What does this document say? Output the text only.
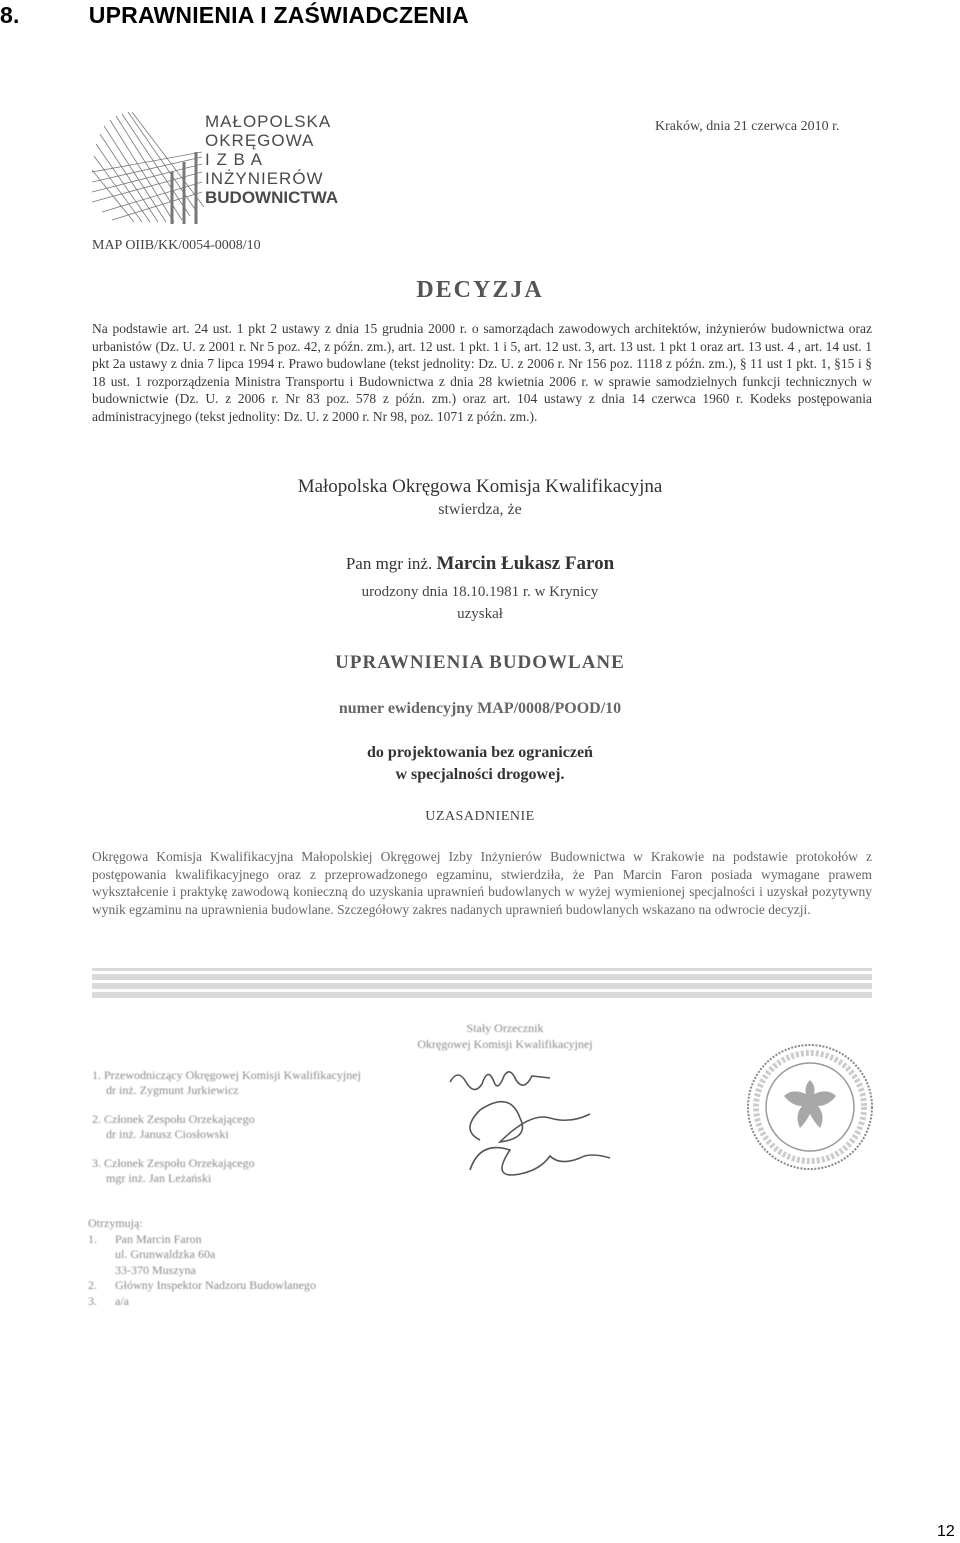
8.	UPRAWNIENIA I ZAŚWIADCZENIA
MAŁOPOLSKA
OKRĘGOWA
I Z B A
INŻYNIERÓW
BUDOWNICTWA
Kraków, dnia 21 czerwca 2010 r.
MAP OIIB/KK/0054-0008/10
DECYZJA
Na podstawie art. 24 ust. 1 pkt 2 ustawy z dnia 15 grudnia 2000 r. o samorządach zawodowych architektów, inżynierów budownictwa oraz urbanistów (Dz. U. z 2001 r. Nr 5 poz. 42, z późn. zm.), art. 12 ust. 1 pkt. 1 i 5, art. 12 ust. 3, art. 13 ust. 1 pkt 1 oraz art. 13 ust. 4 , art. 14 ust. 1 pkt 2a ustawy z dnia 7 lipca 1994 r. Prawo budowlane (tekst jednolity: Dz. U. z 2006 r. Nr 156 poz. 1118 z późn. zm.), § 11 ust 1 pkt. 1, §15 i § 18 ust. 1 rozporządzenia Ministra Transportu i Budownictwa z dnia 28 kwietnia 2006 r. w sprawie samodzielnych funkcji technicznych w budownictwie (Dz. U. z 2006 r. Nr 83 poz. 578 z późn. zm.) oraz art. 104 ustawy z dnia 14 czerwca 1960 r. Kodeks postępowania administracyjnego (tekst jednolity: Dz. U. z 2000 r. Nr 98, poz. 1071 z późn. zm.).
Małopolska Okręgowa Komisja Kwalifikacyjna
stwierdza, że
Pan mgr inż. Marcin Łukasz Faron
urodzony dnia 18.10.1981 r. w Krynicy
uzyskał
UPRAWNIENIA BUDOWLANE
numer ewidencyjny MAP/0008/POOD/10
do projektowania bez ograniczeń
w specjalności drogowej.
UZASADNIENIE
Okręgowa Komisja Kwalifikacyjna Małopolskiej Okręgowej Izby Inżynierów Budownictwa w Krakowie na podstawie protokołów z postępowania kwalifikacyjnego oraz z przeprowadzonego egzaminu, stwierdziła, że Pan Marcin Faron posiada wymagane prawem wykształcenie i praktykę zawodową konieczną do uzyskania uprawnień budowlanych w wyżej wymienionej specjalności i uzyskał pozytywny wynik egzaminu na uprawnienia budowlane. Szczegółowy zakres nadanych uprawnień budowlanych wskazano na odwrocie decyzji.
Stały Orzecznik
Okręgowej Komisji Kwalifikacyjnej
1. Przewodniczący Okręgowej Komisji Kwalifikacyjnej
dr inż. Zygmunt Jurkiewicz
2. Członek Zespołu Orzekającego
dr inż. Janusz Ciosłowski
3. Członek Zespołu Orzekającego
mgr inż. Jan Leżański
Otrzymują:
1.      Pan Marcin Faron
ul. Grunwaldzka 60a
33-370 Muszyna
2.      Główny Inspektor Nadzoru Budowlanego
3.      a/a
12
